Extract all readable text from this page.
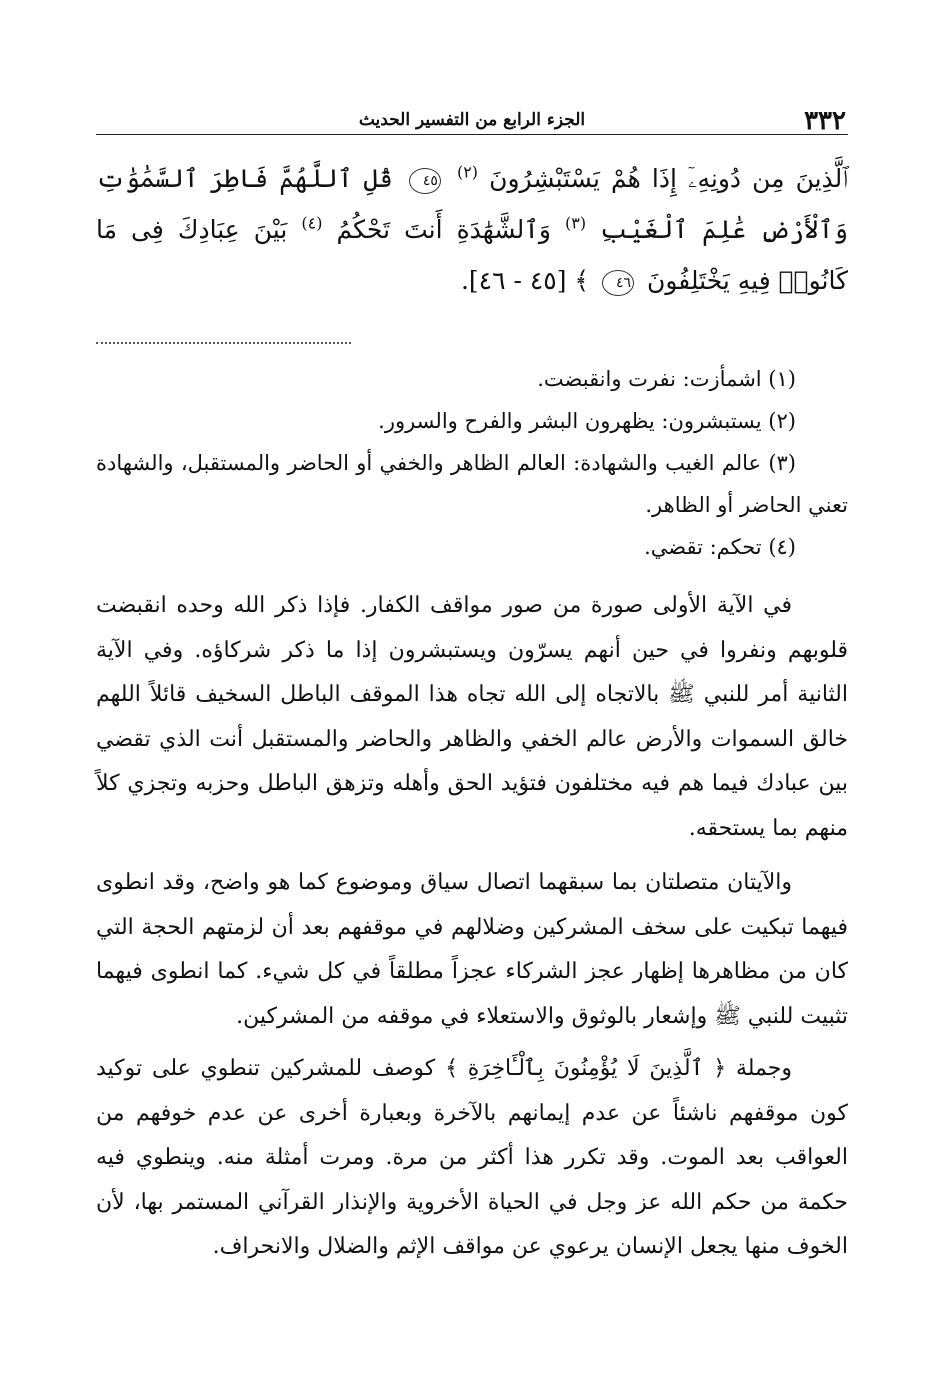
٣٣٢
الجزء الرابع من التفسير الحديث
ٱلَّذِينَ مِن دُونِهِۦٓ إِذَا هُمْ يَسْتَبْشِرُونَ $^{(٢)}$ ٤٥ قُلِ ٱللَّهُمَّ فَاطِرَ ٱلسَّمَٰوَٰتِ وَٱلْأَرْضِ عَٰلِمَ ٱلْغَيْبِ $^{(٣)}$ وَٱلشَّهَٰدَةِ أَنتَ تَحْكُمُ $^{(٤)}$ بَيْنَ عِبَادِكَ فِى مَا كَانُوا۟ فِيهِ يَخْتَلِفُونَ ٤٦ ﴾ [٤٥ - ٤٦].

(١) اشمأزت: نفرت وانقبضت.

(٢) يستبشرون: يظهرون البشر والفرح والسرور.

(٣) عالم الغيب والشهادة: العالم الظاهر والخفي أو الحاضر والمستقبل، والشهادة تعني الحاضر أو الظاهر.

(٤) تحكم: تقضي.

في الآية الأولى صورة من صور مواقف الكفار. فإذا ذكر الله وحده انقبضت قلوبهم ونفروا في حين أنهم يسرّون ويستبشرون إذا ما ذكر شركاؤه. وفي الآية الثانية أمر للنبي ﷺ بالاتجاه إلى الله تجاه هذا الموقف الباطل السخيف قائلاً اللهم خالق السموات والأرض عالم الخفي والظاهر والحاضر والمستقبل أنت الذي تقضي بين عبادك فيما هم فيه مختلفون فتؤيد الحق وأهله وتزهق الباطل وحزبه وتجزي كلاً منهم بما يستحقه.

والآيتان متصلتان بما سبقهما اتصال سياق وموضوع كما هو واضح، وقد انطوى فيهما تبكيت على سخف المشركين وضلالهم في موقفهم بعد أن لزمتهم الحجة التي كان من مظاهرها إظهار عجز الشركاء عجزاً مطلقاً في كل شيء. كما انطوى فيهما تثبيت للنبي ﷺ وإشعار بالوثوق والاستعلاء في موقفه من المشركين.

وجملة ﴿ ٱلَّذِينَ لَا يُؤْمِنُونَ بِٱلْـَٔاخِرَةِ ﴾ كوصف للمشركين تنطوي على توكيد كون موقفهم ناشئاً عن عدم إيمانهم بالآخرة وبعبارة أخرى عن عدم خوفهم من العواقب بعد الموت. وقد تكرر هذا أكثر من مرة. ومرت أمثلة منه. وينطوي فيه حكمة من حكم الله عز وجل في الحياة الأخروية والإنذار القرآني المستمر بها، لأن الخوف منها يجعل الإنسان يرعوي عن مواقف الإثم والضلال والانحراف.
